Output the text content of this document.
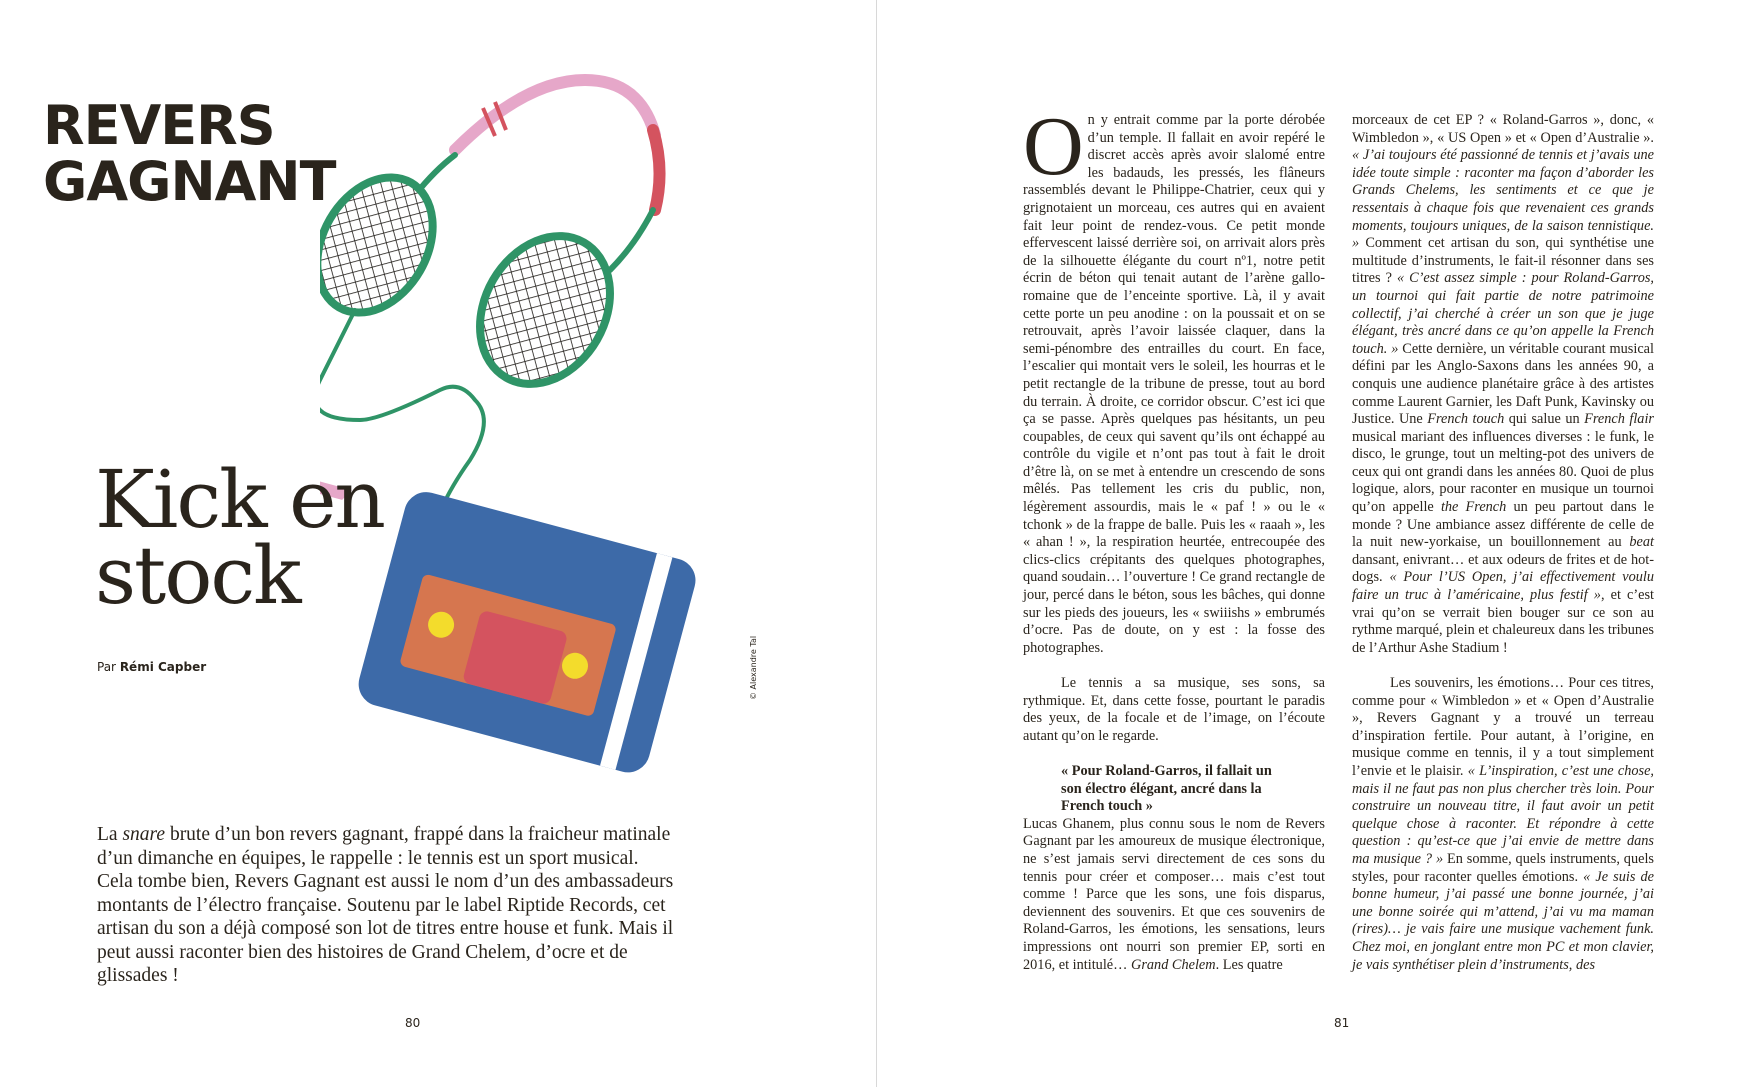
REVERS
GAGNANT
Kick en
stock
Par Rémi Capber	© Alexandre Tal

La snare brute d’un bon revers gagnant, frappé dans la fraicheur matinale d’un dimanche en équipes, le rappelle : le tennis est un sport musical. Cela tombe bien, Revers Gagnant est aussi le nom d’un des ambassadeurs montants de l’électro française. Soutenu par le label Riptide Records, cet artisan du son a déjà composé son lot de titres entre house et funk. Mais il peut aussi raconter bien des histoires de Grand Chelem, d’ocre et de glissades !

80

On y entrait comme par la porte dérobée d’un temple. Il fallait en avoir repéré le discret accès après avoir slalomé entre les badauds, les pressés, les flâneurs rassemblés devant le Philippe-Chatrier, ceux qui y grignotaient un morceau, ces autres qui en avaient fait leur point de rendez-vous. Ce petit monde effervescent laissé derrière soi, on arrivait alors près de la silhouette élégante du court nº1, notre petit écrin de béton qui tenait autant de l’arène gallo-romaine que de l’enceinte sportive. Là, il y avait cette porte un peu anodine : on la poussait et on se retrouvait, après l’avoir laissée claquer, dans la semi-pénombre des entrailles du court. En face, l’escalier qui montait vers le soleil, les hourras et le petit rectangle de la tribune de presse, tout au bord du terrain. À droite, ce corridor obscur. C’est ici que ça se passe. Après quelques pas hésitants, un peu coupables, de ceux qui savent qu’ils ont échappé au contrôle du vigile et n’ont pas tout à fait le droit d’être là, on se met à entendre un crescendo de sons mêlés. Pas tellement les cris du public, non, légèrement assourdis, mais le « paf ! » ou le « tchonk » de la frappe de balle. Puis les « raaah », les « ahan ! », la respiration heurtée, entrecoupée des clics-clics crépitants des quelques photographes, quand soudain… l’ouverture ! Ce grand rectangle de jour, percé dans le béton, sous les bâches, qui donne sur les pieds des joueurs, les « swiiishs » embrumés d’ocre. Pas de doute, on y est : la fosse des photographes.

Le tennis a sa musique, ses sons, sa rythmique. Et, dans cette fosse, pourtant le paradis des yeux, de la focale et de l’image, on l’écoute autant qu’on le regarde.

« Pour Roland-Garros, il fallait un son électro élégant, ancré dans la French touch »

Lucas Ghanem, plus connu sous le nom de Revers Gagnant par les amoureux de musique électronique, ne s’est jamais servi directement de ces sons du tennis pour créer et composer… mais c’est tout comme ! Parce que les sons, une fois disparus, deviennent des souvenirs. Et que ces souvenirs de Roland-Garros, les émotions, les sensations, leurs impressions ont nourri son premier EP, sorti en 2016, et intitulé… Grand Chelem. Les quatre

morceaux de cet EP ? « Roland-Garros », donc, « Wimbledon », « US Open » et « Open d’Australie ». « J’ai toujours été passionné de tennis et j’avais une idée toute simple : raconter ma façon d’aborder les Grands Chelems, les sentiments et ce que je ressentais à chaque fois que revenaient ces grands moments, toujours uniques, de la saison tennistique. » Comment cet artisan du son, qui synthétise une multitude d’instruments, le fait-il résonner dans ses titres ? « C’est assez simple : pour Roland-Garros, un tournoi qui fait partie de notre patrimoine collectif, j’ai cherché à créer un son que je juge élégant, très ancré dans ce qu’on appelle la French touch. » Cette dernière, un véritable courant musical défini par les Anglo-Saxons dans les années 90, a conquis une audience planétaire grâce à des artistes comme Laurent Garnier, les Daft Punk, Kavinsky ou Justice. Une French touch qui salue un French flair musical mariant des influences diverses : le funk, le disco, le grunge, tout un melting-pot des univers de ceux qui ont grandi dans les années 80. Quoi de plus logique, alors, pour raconter en musique un tournoi qu’on appelle the French un peu partout dans le monde ? Une ambiance assez différente de celle de la nuit new-yorkaise, un bouillonnement au beat dansant, enivrant… et aux odeurs de frites et de hot-dogs. « Pour l’US Open, j’ai effectivement voulu faire un truc à l’américaine, plus festif », et c’est vrai qu’on se verrait bien bouger sur ce son au rythme marqué, plein et chaleureux dans les tribunes de l’Arthur Ashe Stadium !

Les souvenirs, les émotions… Pour ces titres, comme pour « Wimbledon » et « Open d’Australie », Revers Gagnant y a trouvé un terreau d’inspiration fertile. Pour autant, à l’origine, en musique comme en tennis, il y a tout simplement l’envie et le plaisir. « L’inspiration, c’est une chose, mais il ne faut pas non plus chercher très loin. Pour construire un nouveau titre, il faut avoir un petit quelque chose à raconter. Et répondre à cette question : qu’est-ce que j’ai envie de mettre dans ma musique ? » En somme, quels instruments, quels styles, pour raconter quelles émotions. « Je suis de bonne humeur, j’ai passé une bonne journée, j’ai une bonne soirée qui m’attend, j’ai vu ma maman (rires)… je vais faire une musique vachement funk. Chez moi, en jonglant entre mon PC et mon clavier, je vais synthétiser plein d’instruments, des

81
